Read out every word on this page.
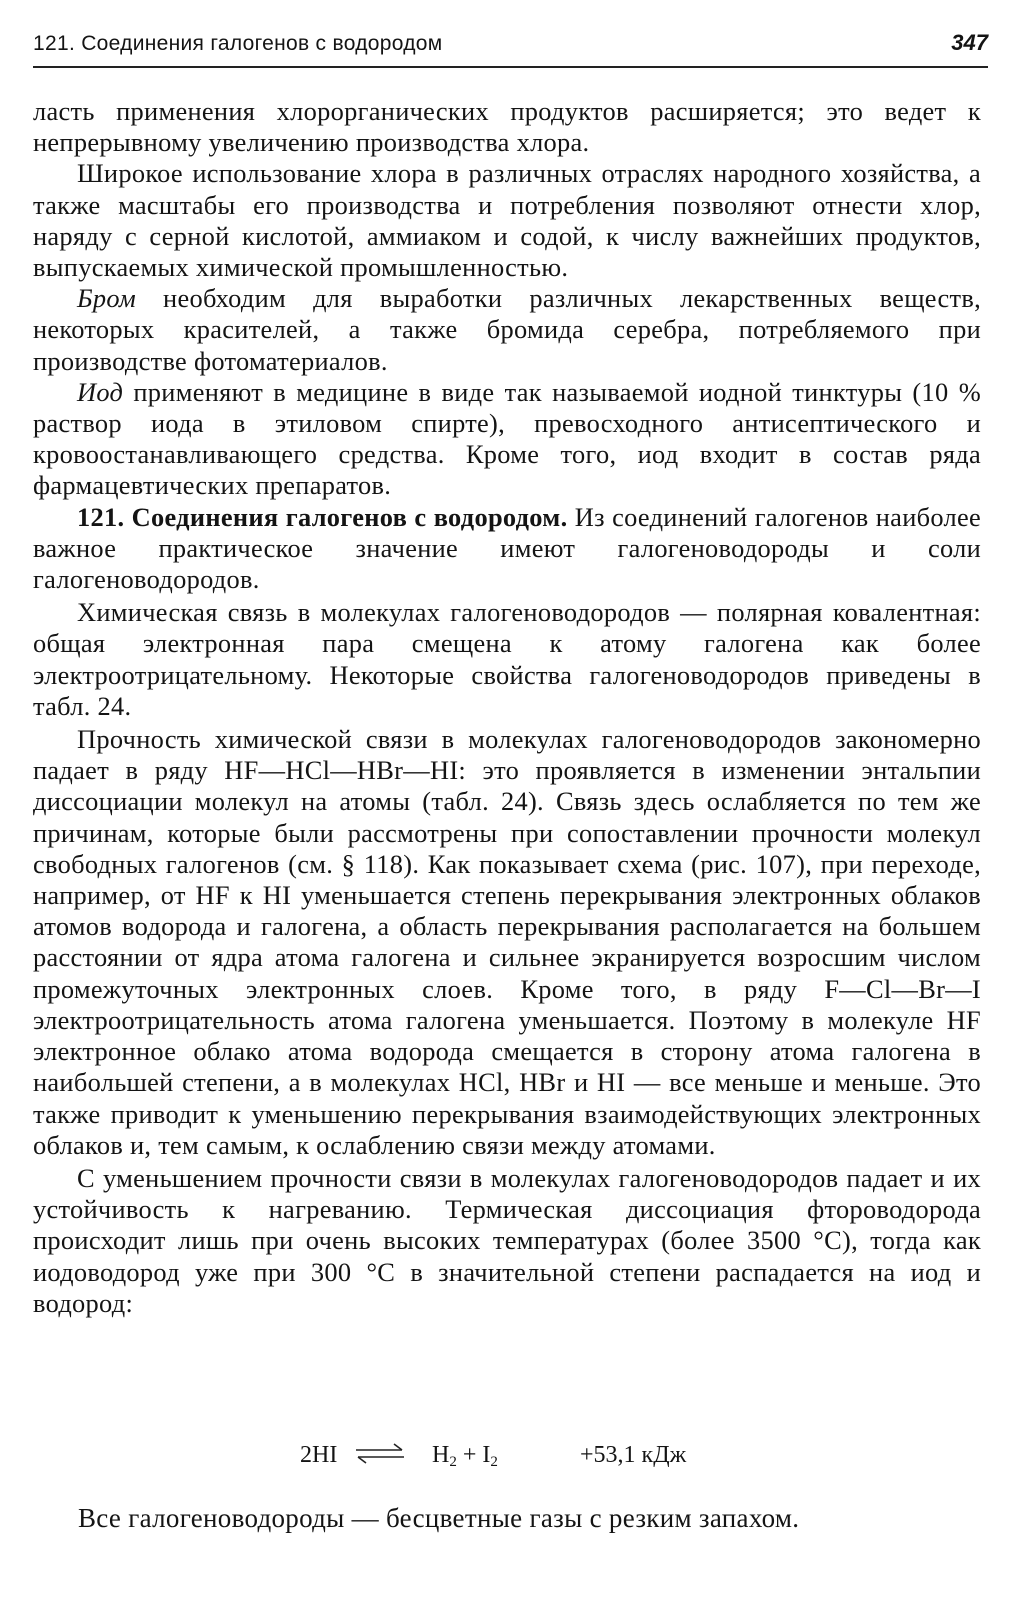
121. Соединения галогенов с водородом	347

ласть применения хлорорганических продуктов расширяется; это ведет к непрерывному увеличению производства хлора.

Широкое использование хлора в различных отраслях народного хозяйства, а также масштабы его производства и потребления позволяют отнести хлор, наряду с серной кислотой, аммиаком и содой, к числу важнейших продуктов, выпускаемых химической промышленностью.

Бром необходим для выработки различных лекарственных веществ, некоторых красителей, а также бромида серебра, потребляемого при производстве фотоматериалов.

Иод применяют в медицине в виде так называемой иодной тинктуры (10 % раствор иода в этиловом спирте), превосходного антисептического и кровоостанавливающего средства. Кроме того, иод входит в состав ряда фармацевтических препаратов.

121. Соединения галогенов с водородом. Из соединений галогенов наиболее важное практическое значение имеют галогеноводороды и соли галогеноводородов.

Химическая связь в молекулах галогеноводородов — полярная ковалентная: общая электронная пара смещена к атому галогена как более электроотрицательному. Некоторые свойства галогеноводородов приведены в табл. 24.

Прочность химической связи в молекулах галогеноводородов закономерно падает в ряду HF—HCl—HBr—HI: это проявляется в изменении энтальпии диссоциации молекул на атомы (табл. 24). Связь здесь ослабляется по тем же причинам, которые были рассмотрены при сопоставлении прочности молекул свободных галогенов (см. § 118). Как показывает схема (рис. 107), при переходе, например, от HF к HI уменьшается степень перекрывания электронных облаков атомов водорода и галогена, а область перекрывания располагается на большем расстоянии от ядра атома галогена и сильнее экранируется возросшим числом промежуточных электронных слоев. Кроме того, в ряду F—Cl—Br—I электроотрицательность атома галогена уменьшается. Поэтому в молекуле HF электронное облако атома водорода смещается в сторону атома галогена в наибольшей степени, а в молекулах HCl, HBr и HI — все меньше и меньше. Это также приводит к уменьшению перекрывания взаимодействующих электронных облаков и, тем самым, к ослаблению связи между атомами.

С уменьшением прочности связи в молекулах галогеноводородов падает и их устойчивость к нагреванию. Термическая диссоциация фтороводорода происходит лишь при очень высоких температурах (более 3500 °С), тогда как иодоводород уже при 300 °С в значительной степени распадается на иод и водород:

2HI ⇌ $H_2 + I_2$	+53,1 кДж
Все галогеноводороды — бесцветные газы с резким запахом.
